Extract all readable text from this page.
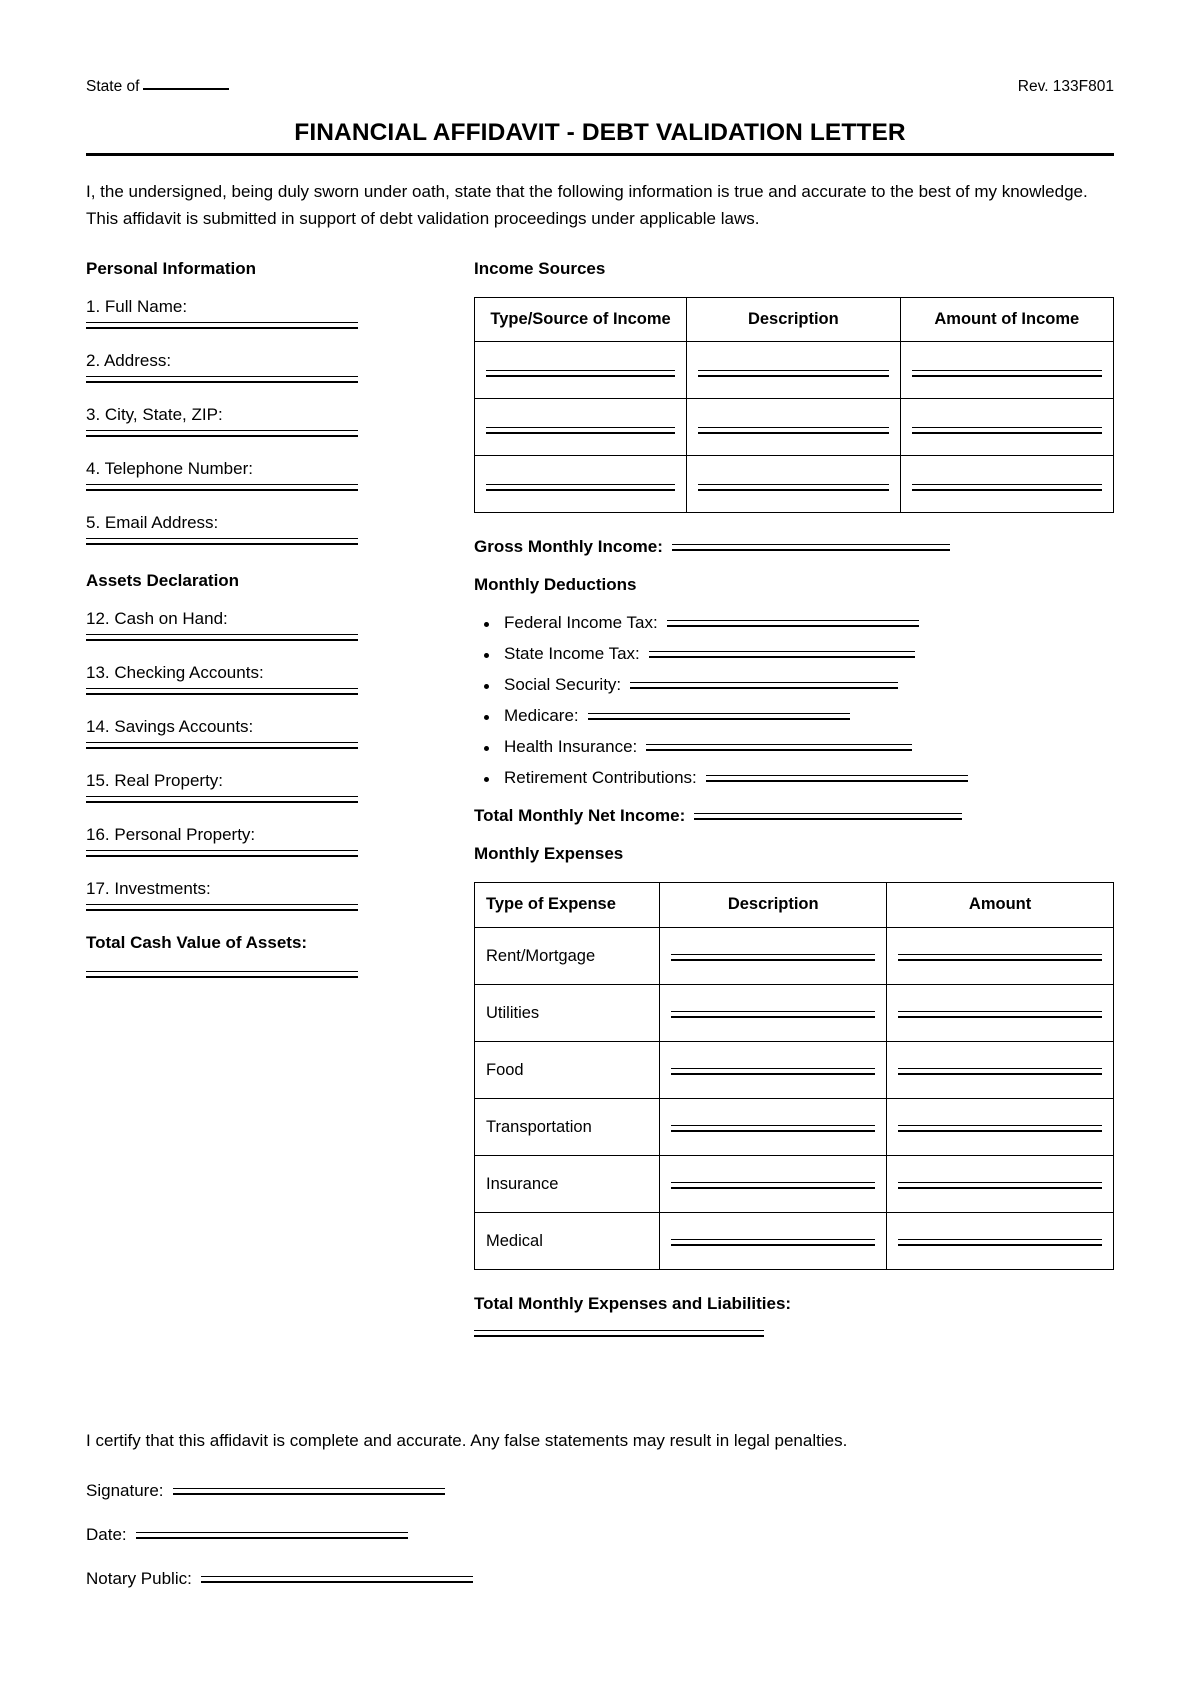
State of	Rev. 133F801
FINANCIAL AFFIDAVIT - DEBT VALIDATION LETTER

I, the undersigned, being duly sworn under oath, state that the following information is true and accurate to the best of my knowledge. This affidavit is submitted in support of debt validation proceedings under applicable laws.

Personal Information
1. Full Name:
2. Address:
3. City, State, ZIP:
4. Telephone Number:
5. Email Address:
Assets Declaration
12. Cash on Hand:
13. Checking Accounts:
14. Savings Accounts:
15. Real Property:
16. Personal Property:
17. Investments:
Total Cash Value of Assets:
Income Sources
Type/Source of Income	Description	Amount of Income

Gross Monthly Income:
Monthly Deductions
Federal Income Tax:
State Income Tax:
Social Security:
Medicare:
Health Insurance:
Retirement Contributions:
Total Monthly Net Income:
Monthly Expenses
Type of Expense	Description	Amount
Rent/Mortgage	

Utilities	

Food	

Transportation	

Insurance	

Medical	

Total Monthly Expenses and Liabilities:
I certify that this affidavit is complete and accurate. Any false statements may result in legal penalties.
Signature:
Date:
Notary Public:
